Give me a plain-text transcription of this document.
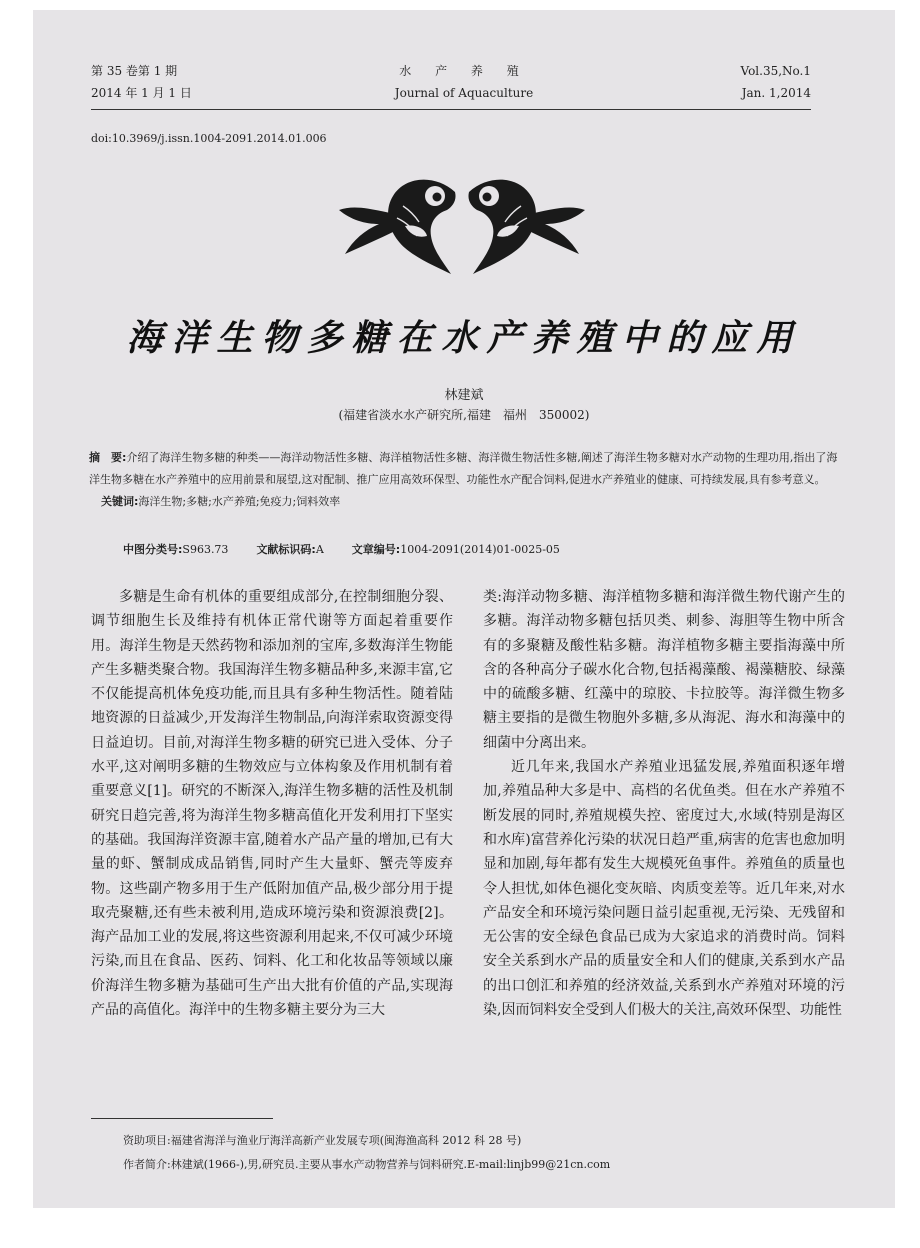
第 35 卷第 1 期
2014 年 1 月 1 日
水 产 养 殖
Journal of Aquaculture
Vol.35,No.1
Jan. 1,2014
doi:10.3969/j.issn.1004-2091.2014.01.006
海洋生物多糖在水产养殖中的应用
林建斌
(福建省淡水水产研究所,福建　福州　350002)
摘　要:介绍了海洋生物多糖的种类——海洋动物活性多糖、海洋植物活性多糖、海洋微生物活性多糖,阐述了海洋生物多糖对水产动物的生理功用,指出了海洋生物多糖在水产养殖中的应用前景和展望,这对配制、推广应用高效环保型、功能性水产配合饲料,促进水产养殖业的健康、可持续发展,具有参考意义。
关键词:海洋生物;多糖;水产养殖;免疫力;饲料效率
中图分类号:S963.73	文献标识码:A	文章编号:1004-2091(2014)01-0025-05

多糖是生命有机体的重要组成部分,在控制细胞分裂、调节细胞生长及维持有机体正常代谢等方面起着重要作用。海洋生物是天然药物和添加剂的宝库,多数海洋生物能产生多糖类聚合物。我国海洋生物多糖品种多,来源丰富,它不仅能提高机体免疫功能,而且具有多种生物活性。随着陆地资源的日益减少,开发海洋生物制品,向海洋索取资源变得日益迫切。目前,对海洋生物多糖的研究已进入受体、分子水平,这对阐明多糖的生物效应与立体构象及作用机制有着重要意义[1]。研究的不断深入,海洋生物多糖的活性及机制研究日趋完善,将为海洋生物多糖高值化开发利用打下坚实的基础。我国海洋资源丰富,随着水产品产量的增加,已有大量的虾、蟹制成成品销售,同时产生大量虾、蟹壳等废弃物。这些副产物多用于生产低附加值产品,极少部分用于提取壳聚糖,还有些未被利用,造成环境污染和资源浪费[2]。海产品加工业的发展,将这些资源利用起来,不仅可减少环境污染,而且在食品、医药、饲料、化工和化妆品等领域以廉价海洋生物多糖为基础可生产出大批有价值的产品,实现海产品的高值化。海洋中的生物多糖主要分为三大

类:海洋动物多糖、海洋植物多糖和海洋微生物代谢产生的多糖。海洋动物多糖包括贝类、刺参、海胆等生物中所含有的多聚糖及酸性粘多糖。海洋植物多糖主要指海藻中所含的各种高分子碳水化合物,包括褐藻酸、褐藻糖胶、绿藻中的硫酸多糖、红藻中的琼胶、卡拉胶等。海洋微生物多糖主要指的是微生物胞外多糖,多从海泥、海水和海藻中的细菌中分离出来。

近几年来,我国水产养殖业迅猛发展,养殖面积逐年增加,养殖品种大多是中、高档的名优鱼类。但在水产养殖不断发展的同时,养殖规模失控、密度过大,水域(特别是海区和水库)富营养化污染的状况日趋严重,病害的危害也愈加明显和加剧,每年都有发生大规模死鱼事件。养殖鱼的质量也令人担忧,如体色褪化变灰暗、肉质变差等。近几年来,对水产品安全和环境污染问题日益引起重视,无污染、无残留和无公害的安全绿色食品已成为大家追求的消费时尚。饲料安全关系到水产品的质量安全和人们的健康,关系到水产品的出口创汇和养殖的经济效益,关系到水产养殖对环境的污染,因而饲料安全受到人们极大的关注,高效环保型、功能性

资助项目:福建省海洋与渔业厅海洋高新产业发展专项(闽海渔高科 2012 科 28 号)
作者简介:林建斌(1966-),男,研究员.主要从事水产动物营养与饲料研究.E-mail:linjb99@21cn.com
